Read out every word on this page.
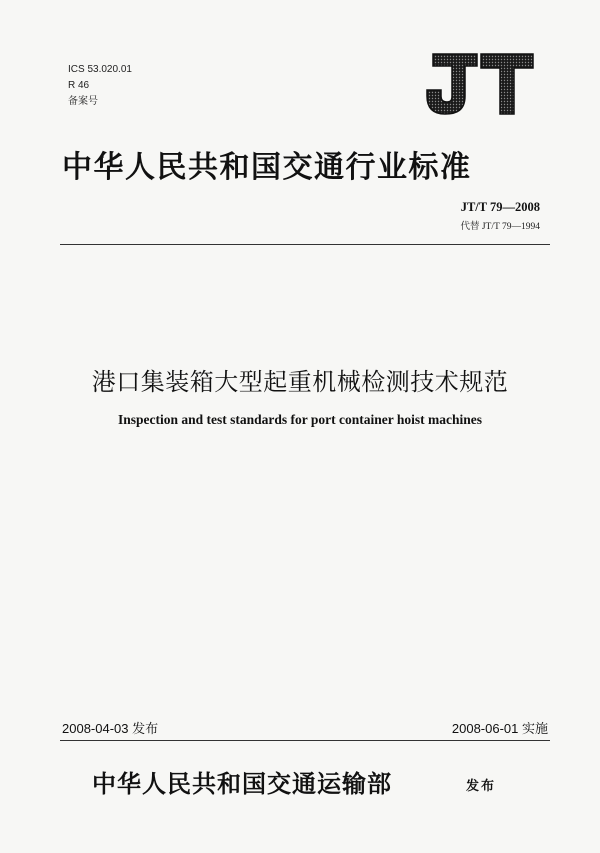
ICS 53.020.01
R 46
备案号
中华人民共和国交通行业标准
JT/T 79—2008
代替 JT/T 79—1994
港口集装箱大型起重机械检测技术规范
Inspection and test standards for port container hoist machines
2008-04-03 发布	2008-06-01 实施
中华人民共和国交通运输部	发布
